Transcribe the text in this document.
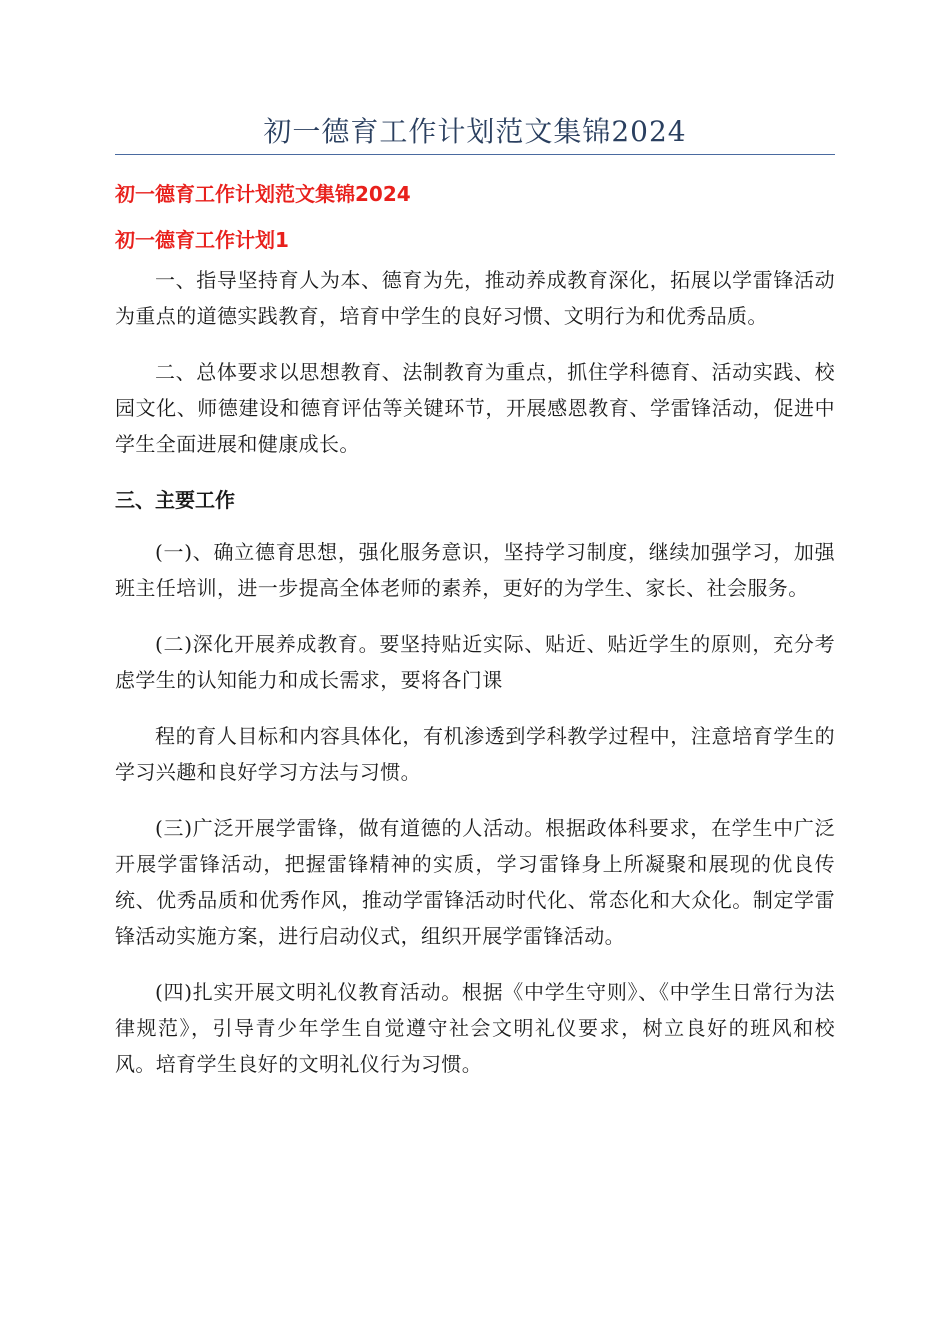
初一德育工作计划范文集锦2024

初一德育工作计划范文集锦2024

初一德育工作计划1

一、指导坚持育人为本、德育为先，推动养成教育深化，拓展以学雷锋活动为重点的道德实践教育，培育中学生的良好习惯、文明行为和优秀品质。

二、总体要求以思想教育、法制教育为重点，抓住学科德育、活动实践、校园文化、师德建设和德育评估等关键环节，开展感恩教育、学雷锋活动，促进中学生全面进展和健康成长。

三、主要工作

(一)、确立德育思想，强化服务意识，坚持学习制度，继续加强学习，加强班主任培训，进一步提高全体老师的素养，更好的为学生、家长、社会服务。

(二)深化开展养成教育。要坚持贴近实际、贴近、贴近学生的原则，充分考虑学生的认知能力和成长需求，要将各门课

程的育人目标和内容具体化，有机渗透到学科教学过程中，注意培育学生的学习兴趣和良好学习方法与习惯。

(三)广泛开展学雷锋，做有道德的人活动。根据政体科要求，在学生中广泛开展学雷锋活动，把握雷锋精神的实质，学习雷锋身上所凝聚和展现的优良传统、优秀品质和优秀作风，推动学雷锋活动时代化、常态化和大众化。制定学雷锋活动实施方案，进行启动仪式，组织开展学雷锋活动。

(四)扎实开展文明礼仪教育活动。根据《中学生守则》、《中学生日常行为法律规范》，引导青少年学生自觉遵守社会文明礼仪要求，树立良好的班风和校风。培育学生良好的文明礼仪行为习惯。
